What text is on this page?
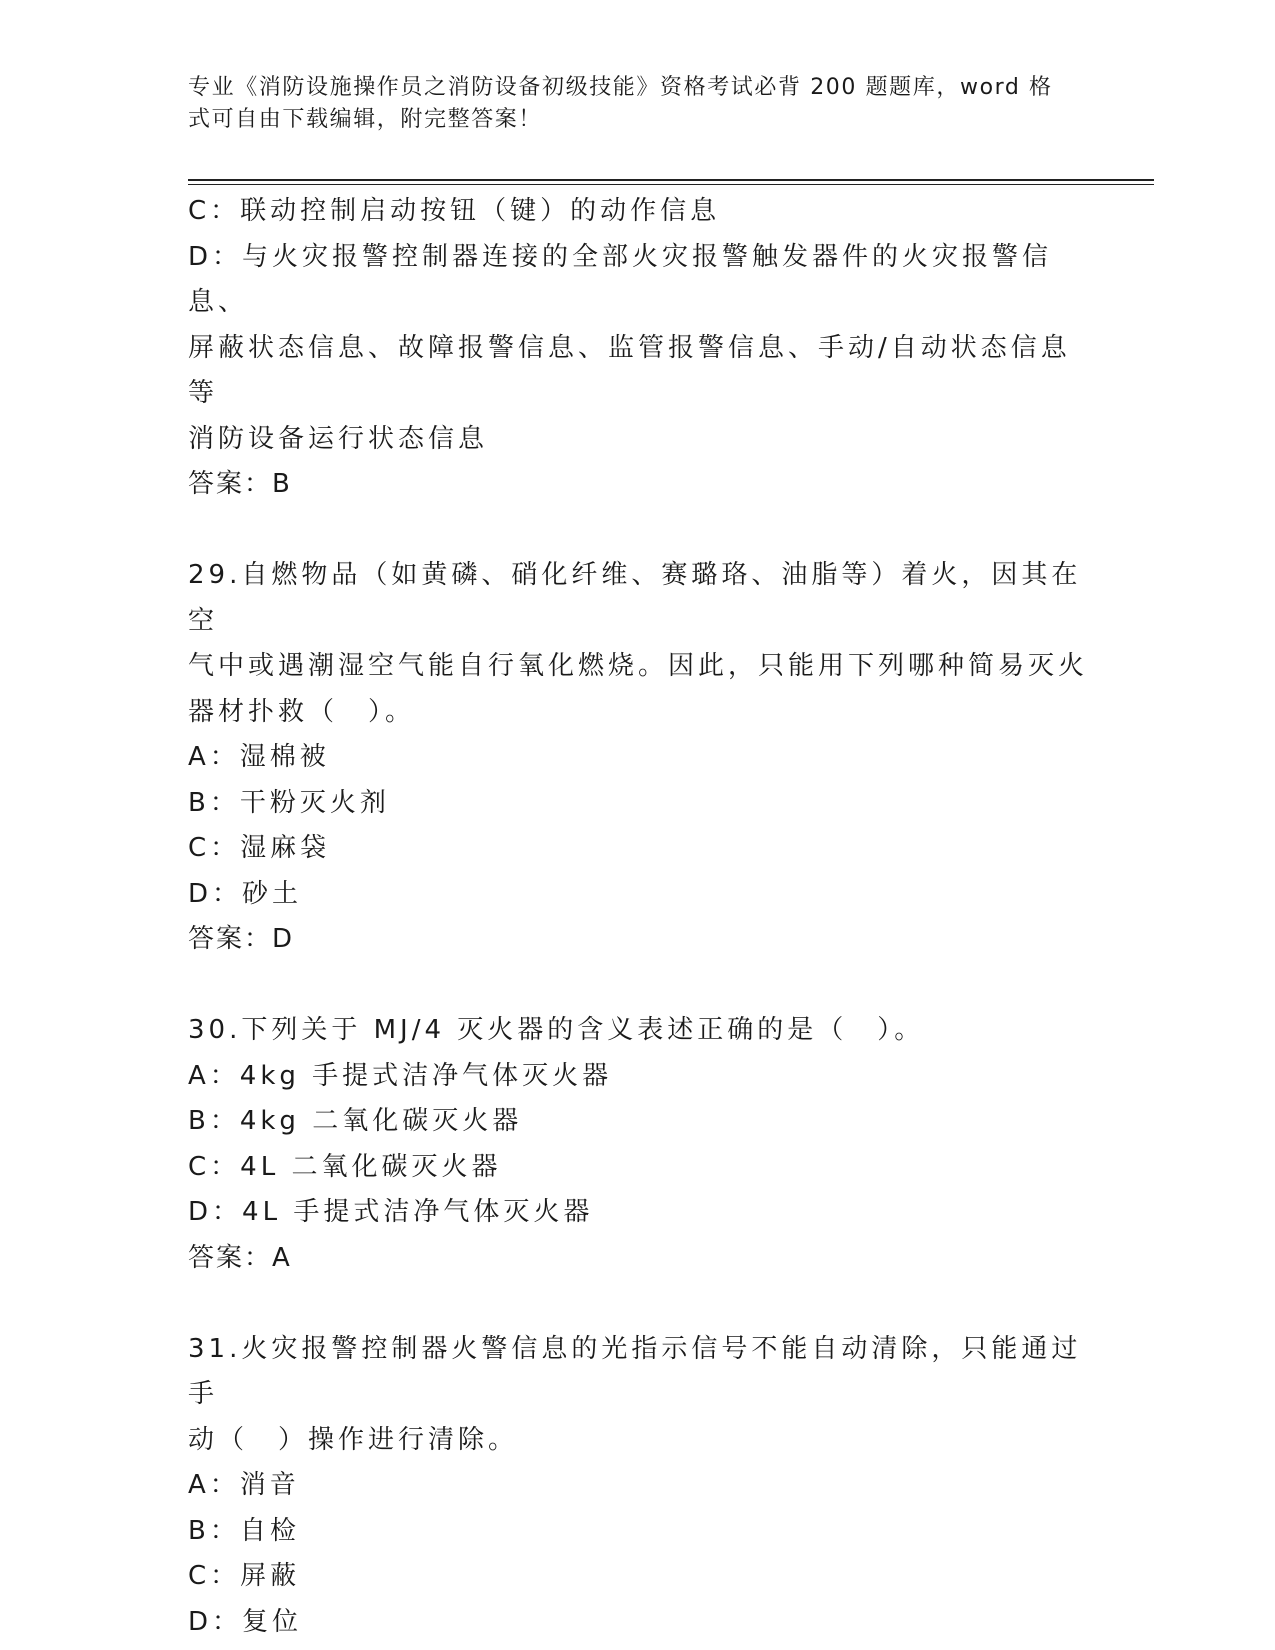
专业《消防设施操作员之消防设备初级技能》资格考试必背 200 题题库，word 格
式可自由下载编辑，附完整答案！

C：联动控制启动按钮（键）的动作信息

D：与火灾报警控制器连接的全部火灾报警触发器件的火灾报警信息、

屏蔽状态信息、故障报警信息、监管报警信息、手动/自动状态信息等

消防设备运行状态信息

答案：B

29.自燃物品（如黄磷、硝化纤维、赛璐珞、油脂等）着火，因其在空

气中或遇潮湿空气能自行氧化燃烧。因此，只能用下列哪种简易灭火

器材扑救（　）。

A：湿棉被

B：干粉灭火剂

C：湿麻袋

D：砂土

答案：D

30.下列关于 MJ/4 灭火器的含义表述正确的是（　）。

A：4kg 手提式洁净气体灭火器

B：4kg 二氧化碳灭火器

C：4L 二氧化碳灭火器

D：4L 手提式洁净气体灭火器

答案：A

31.火灾报警控制器火警信息的光指示信号不能自动清除，只能通过手

动（　）操作进行清除。

A：消音

B：自检

C：屏蔽

D：复位
